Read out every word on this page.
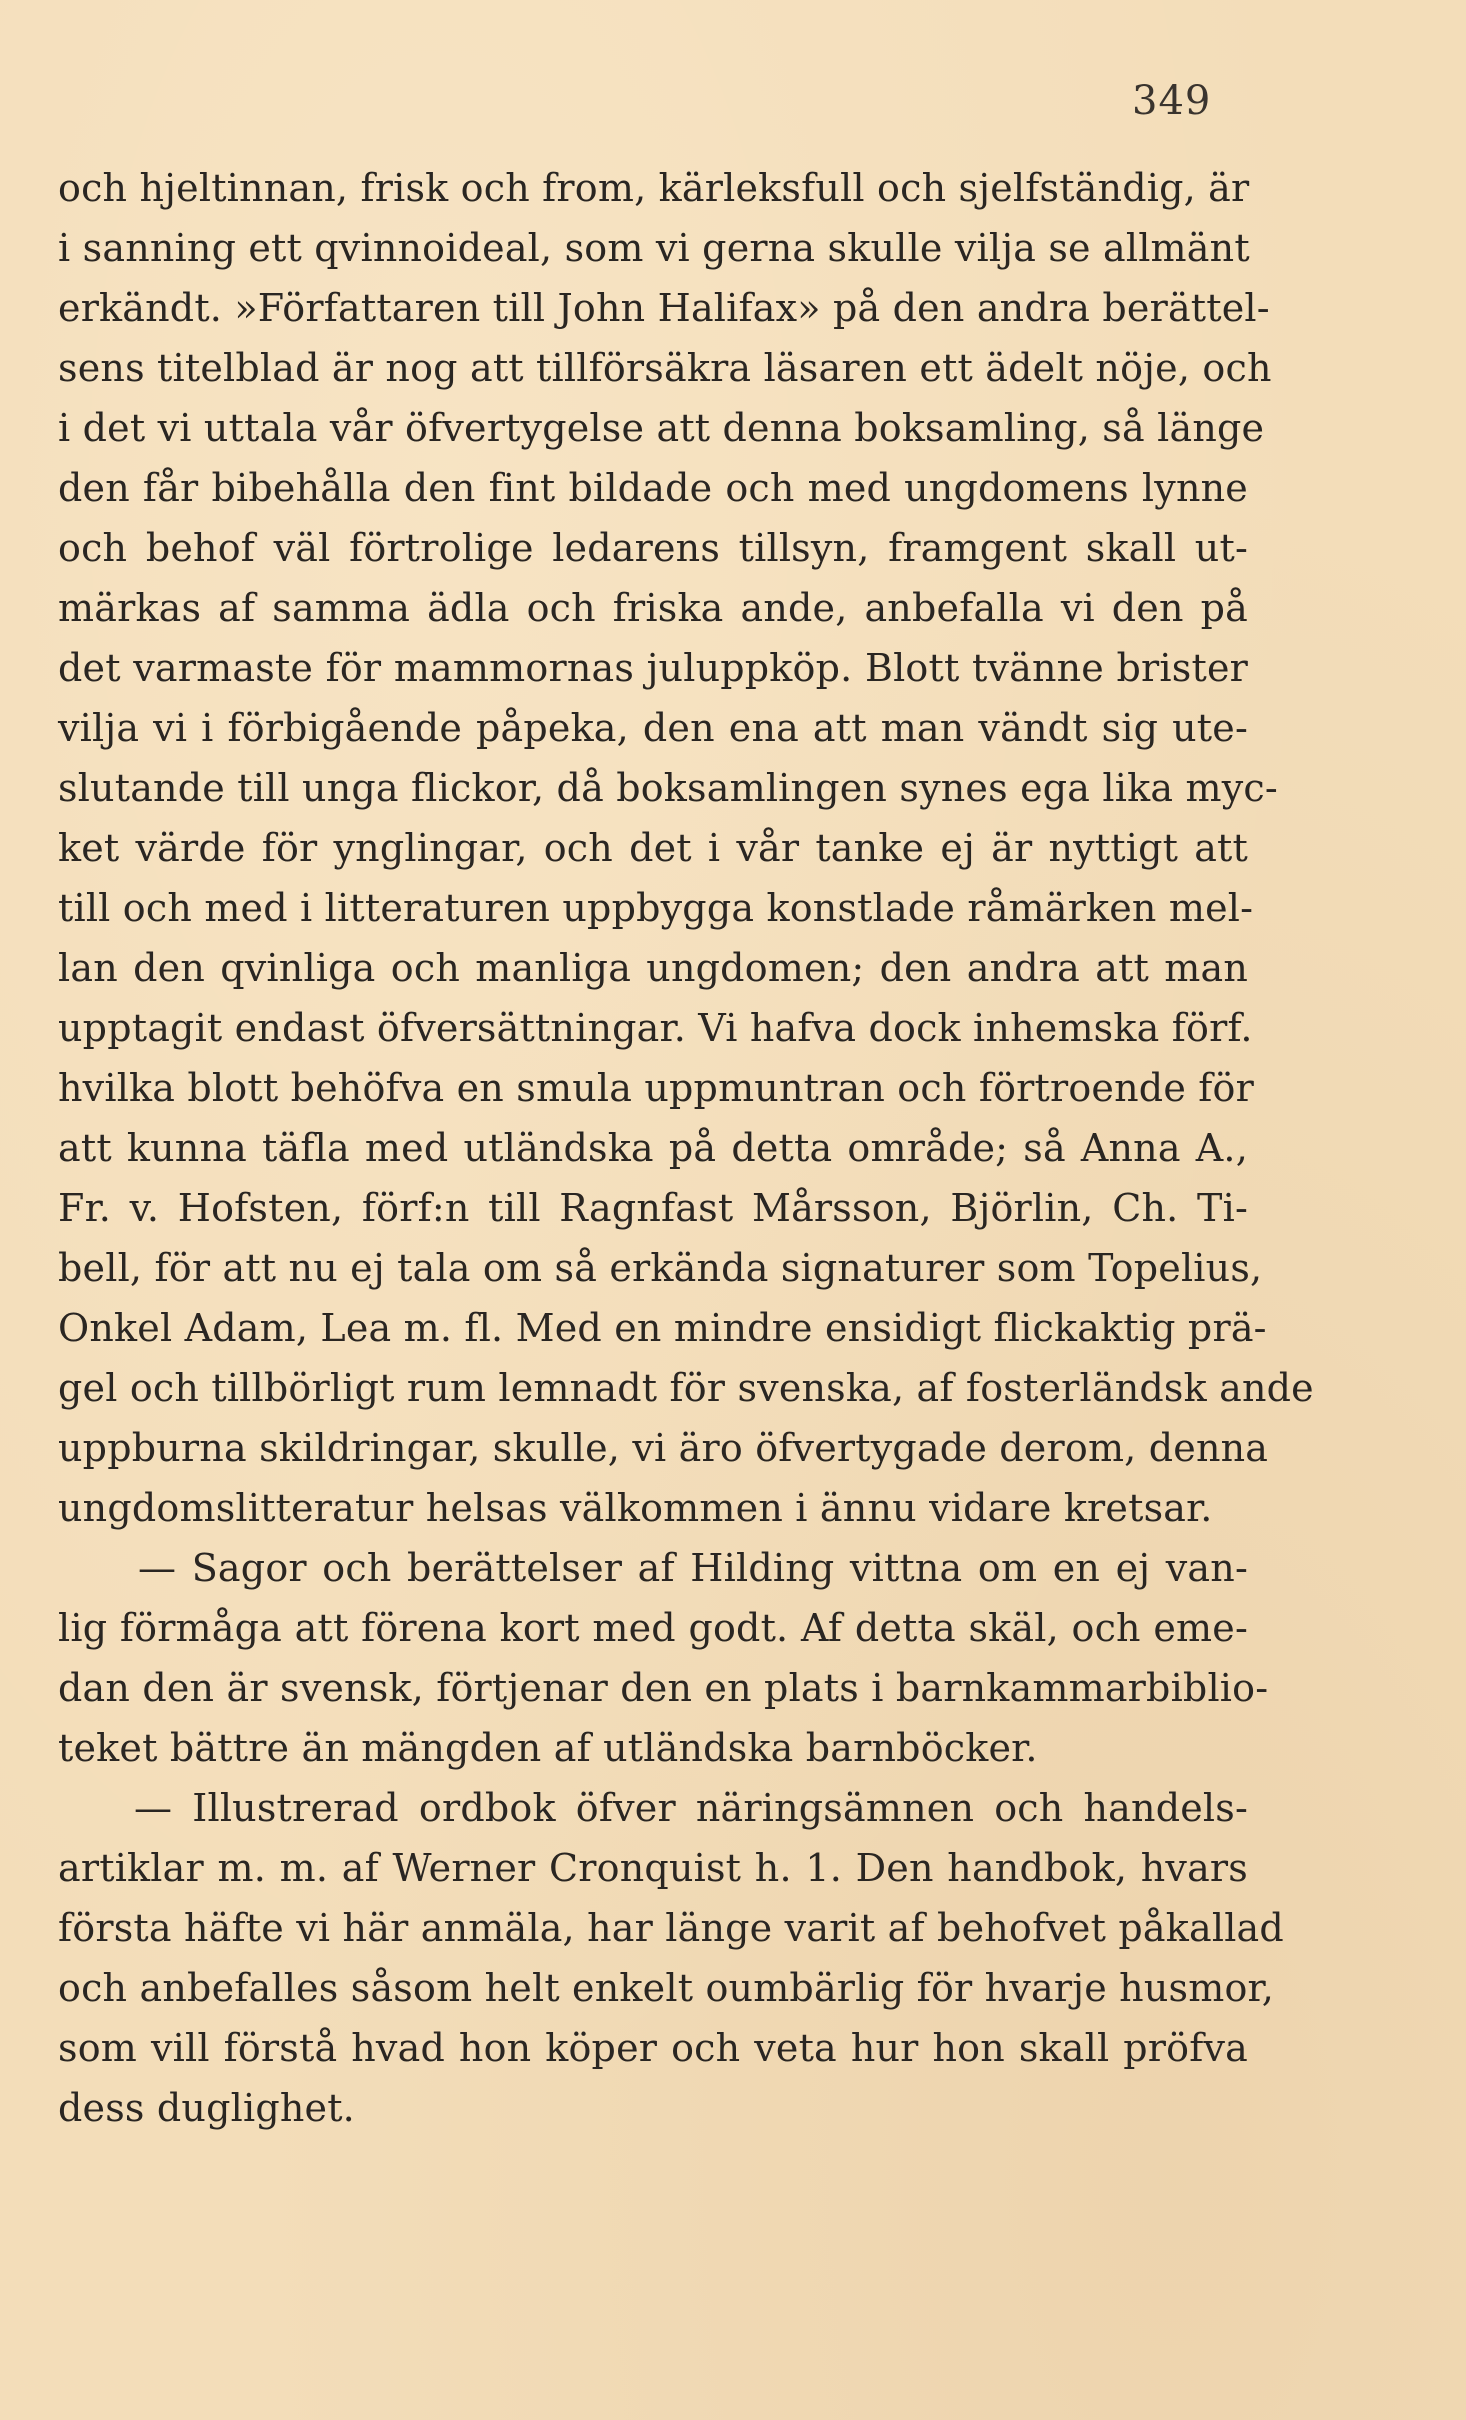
349
och hjeltinnan, frisk och from, kärleksfull och sjelfständig, är
i sanning ett qvinnoideal, som vi gerna skulle vilja se allmänt
erkändt. »Författaren till John Halifax» på den andra berättel-
sens titelblad är nog att tillförsäkra läsaren ett ädelt nöje, och
i det vi uttala vår öfvertygelse att denna boksamling, så länge
den får bibehålla den fint bildade och med ungdomens lynne
och behof väl förtrolige ledarens tillsyn, framgent skall ut-
märkas af samma ädla och friska ande, anbefalla vi den på
det varmaste för mammornas juluppköp. Blott tvänne brister
vilja vi i förbigående påpeka, den ena att man vändt sig ute-
slutande till unga flickor, då boksamlingen synes ega lika myc-
ket värde för ynglingar, och det i vår tanke ej är nyttigt att
till och med i litteraturen uppbygga konstlade råmärken mel-
lan den qvinliga och manliga ungdomen; den andra att man
upptagit endast öfversättningar. Vi hafva dock inhemska förf.
hvilka blott behöfva en smula uppmuntran och förtroende för
att kunna täfla med utländska på detta område; så Anna A.,
Fr. v. Hofsten, förf:n till Ragnfast Mårsson, Björlin, Ch. Ti-
bell, för att nu ej tala om så erkända signaturer som Topelius,
Onkel Adam, Lea m. fl. Med en mindre ensidigt flickaktig prä-
gel och tillbörligt rum lemnadt för svenska, af fosterländsk ande
uppburna skildringar, skulle, vi äro öfvertygade derom, denna
ungdomslitteratur helsas välkommen i ännu vidare kretsar.
— Sagor och berättelser af Hilding vittna om en ej van-
lig förmåga att förena kort med godt. Af detta skäl, och eme-
dan den är svensk, förtjenar den en plats i barnkammarbiblio-
teket bättre än mängden af utländska barnböcker.
— Illustrerad ordbok öfver näringsämnen och handels-
artiklar m. m. af Werner Cronquist h. 1. Den handbok, hvars
första häfte vi här anmäla, har länge varit af behofvet påkallad
och anbefalles såsom helt enkelt oumbärlig för hvarje husmor,
som vill förstå hvad hon köper och veta hur hon skall pröfva
dess duglighet.
